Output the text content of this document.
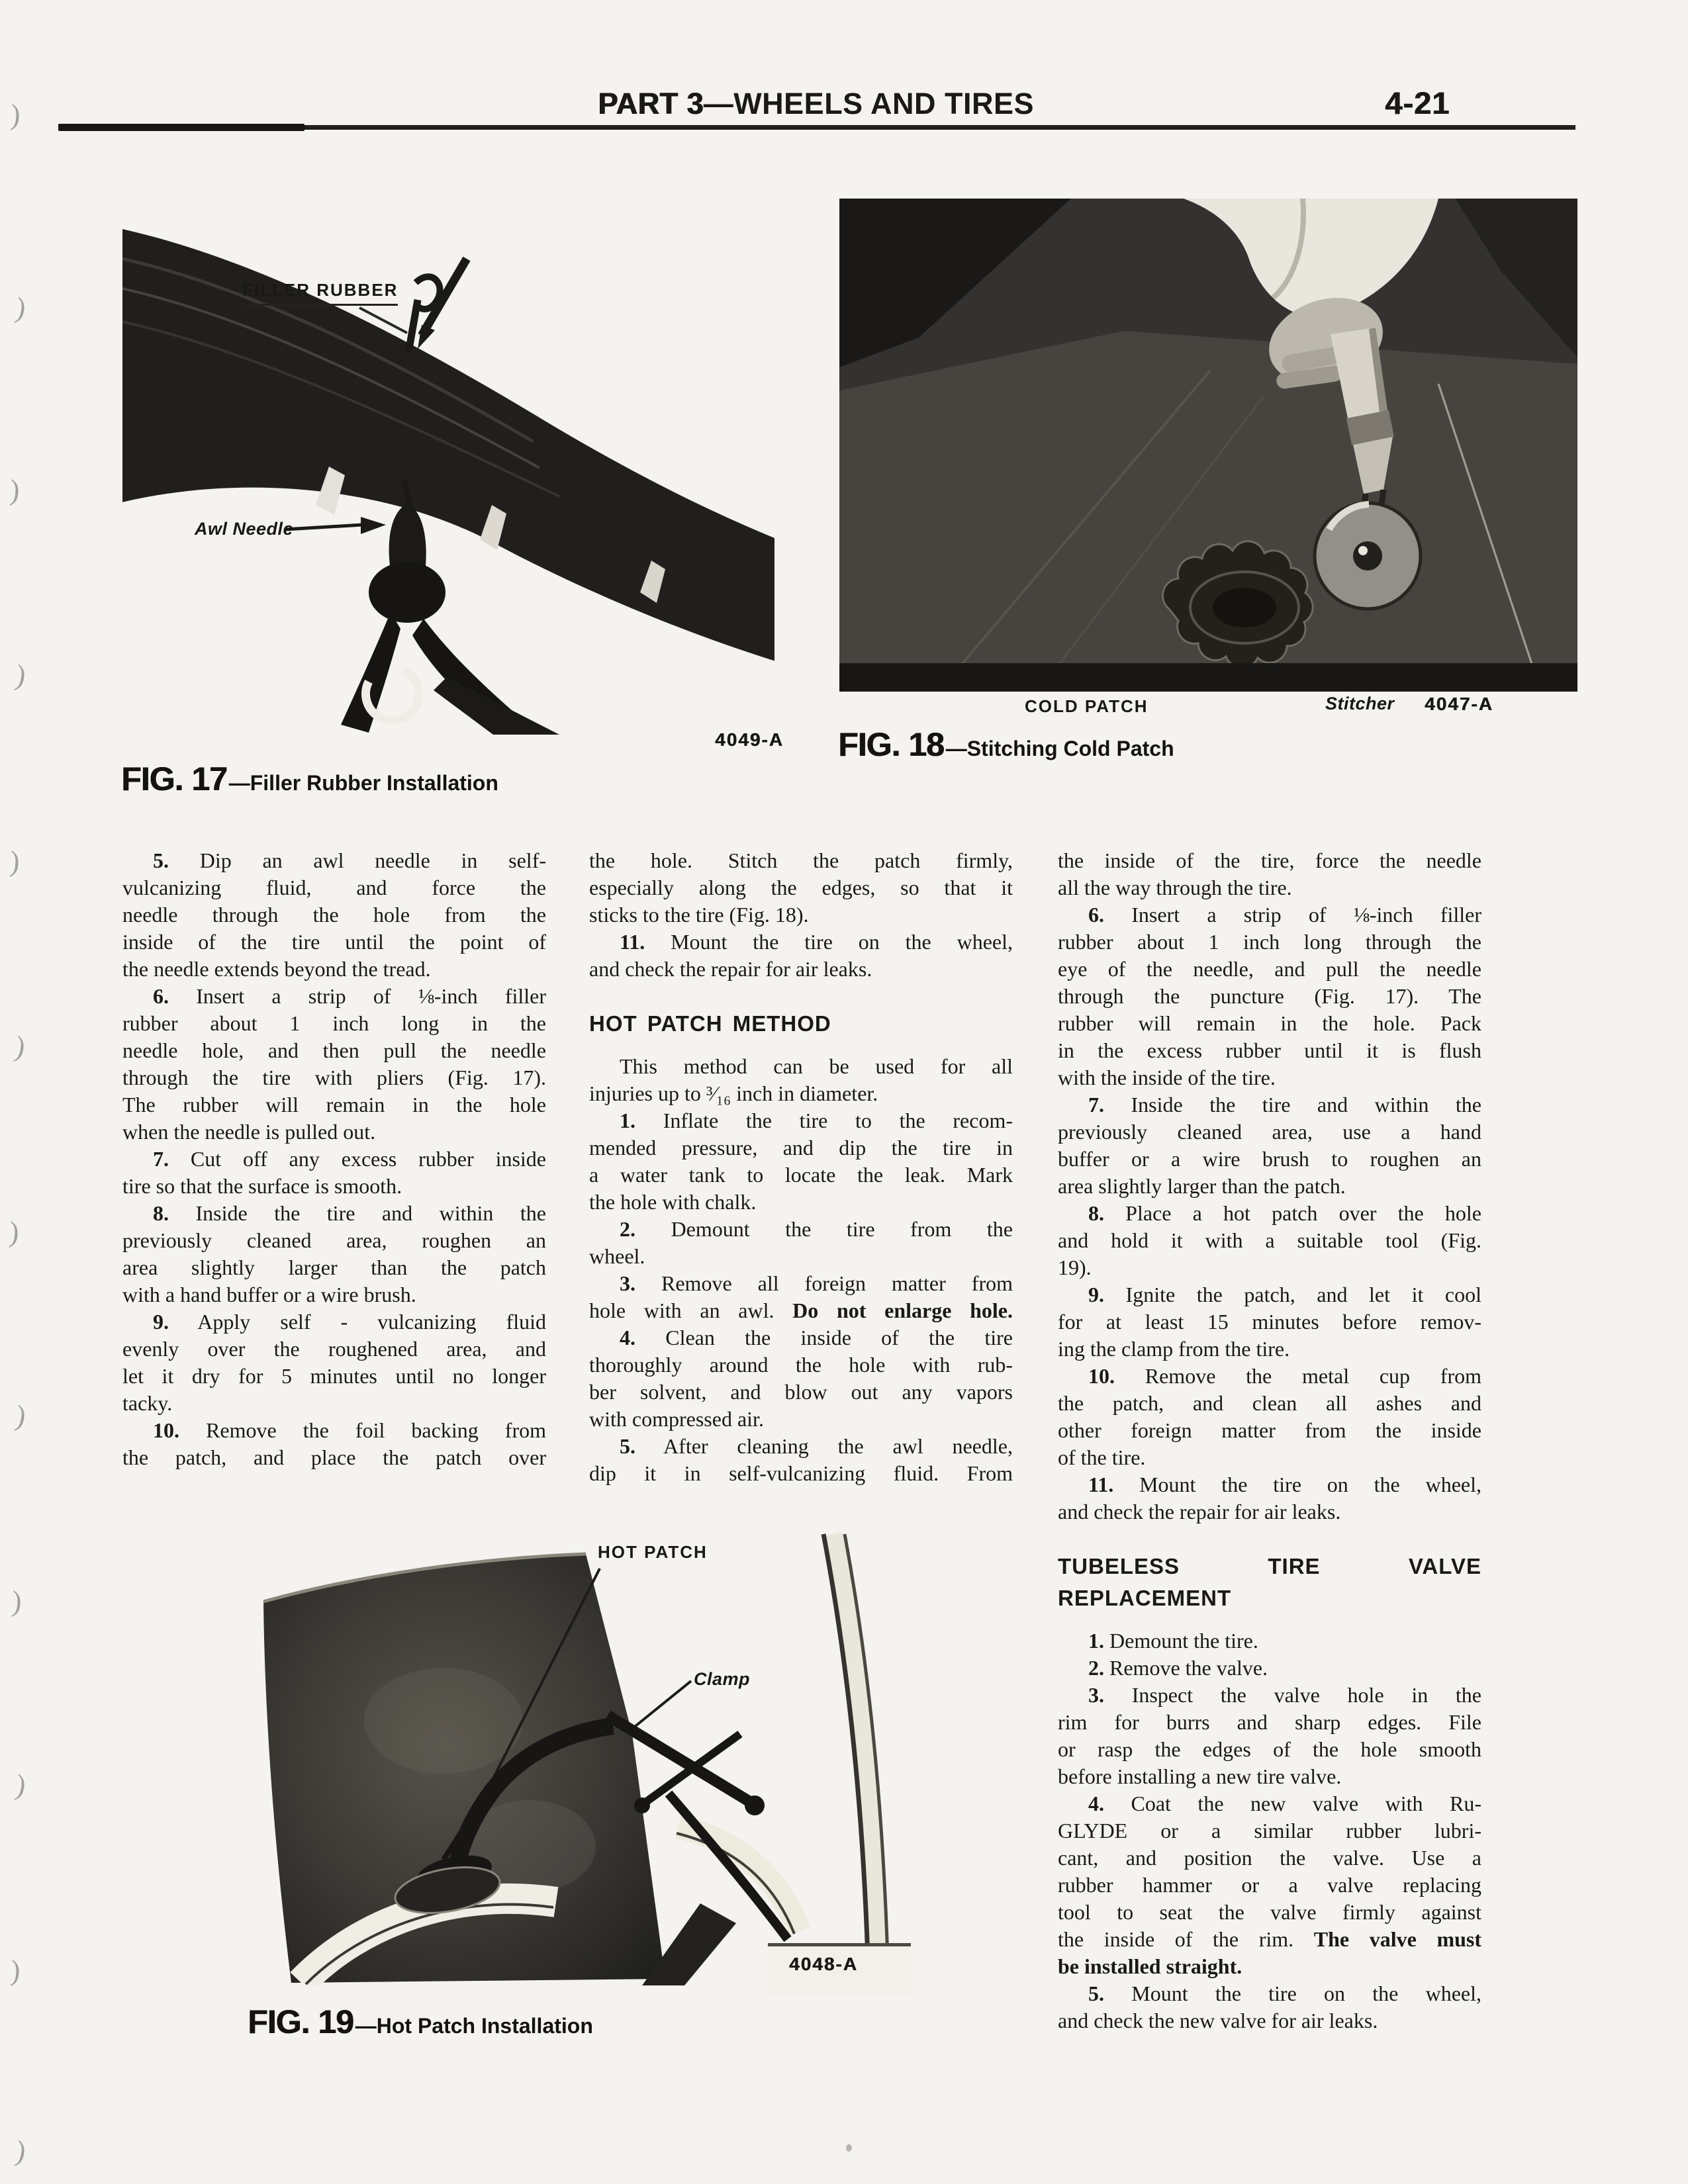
PART 3—WHEELS AND TIRES	4-21
FILLER RUBBER
Awl Needle
4049-A
COLD PATCH	Stitcher 4047-A
HOT PATCH
Clamp
4048-A
FIG. 17—Filler Rubber Installation
FIG. 18—Stitching Cold Patch
FIG. 19—Hot Patch Installation
5. Dip an awl needle in self-
vulcanizing fluid, and force the
needle through the hole from the
inside of the tire until the point of
the needle extends beyond the tread.
6. Insert a strip of ⅛-inch filler
rubber about 1 inch long in the
needle hole, and then pull the needle
through the tire with pliers (Fig. 17).
The rubber will remain in the hole
when the needle is pulled out.
7. Cut off any excess rubber inside
tire so that the surface is smooth.
8. Inside the tire and within the
previously cleaned area, roughen an
area slightly larger than the patch
with a hand buffer or a wire brush.
9. Apply self - vulcanizing fluid
evenly over the roughened area, and
let it dry for 5 minutes until no longer
tacky.
10. Remove the foil backing from
the patch, and place the patch over
the hole. Stitch the patch firmly,
especially along the edges, so that it
sticks to the tire (Fig. 18).
11. Mount the tire on the wheel,
and check the repair for air leaks.
HOT PATCH METHOD
This method can be used for all
injuries up to ³⁄₁₆ inch in diameter.
1. Inflate the tire to the recom-
mended pressure, and dip the tire in
a water tank to locate the leak. Mark
the hole with chalk.
2. Demount the tire from the
wheel.
3. Remove all foreign matter from
hole with an awl. Do not enlarge hole.
4. Clean the inside of the tire
thoroughly around the hole with rub-
ber solvent, and blow out any vapors
with compressed air.
5. After cleaning the awl needle,
dip it in self-vulcanizing fluid. From
the inside of the tire, force the needle
all the way through the tire.
6. Insert a strip of ⅛-inch filler
rubber about 1 inch long through the
eye of the needle, and pull the needle
through the puncture (Fig. 17). The
rubber will remain in the hole. Pack
in the excess rubber until it is flush
with the inside of the tire.
7. Inside the tire and within the
previously cleaned area, use a hand
buffer or a wire brush to roughen an
area slightly larger than the patch.
8. Place a hot patch over the hole
and hold it with a suitable tool (Fig.
19).
9. Ignite the patch, and let it cool
for at least 15 minutes before remov-
ing the clamp from the tire.
10. Remove the metal cup from
the patch, and clean all ashes and
other foreign matter from the inside
of the tire.
11. Mount the tire on the wheel,
and check the repair for air leaks.
TUBELESS TIRE VALVE
REPLACEMENT
1. Demount the tire.
2. Remove the valve.
3. Inspect the valve hole in the
rim for burrs and sharp edges. File
or rasp the edges of the hole smooth
before installing a new tire valve.
4. Coat the new valve with Ru-
GLYDE or a similar rubber lubri-
cant, and position the valve. Use a
rubber hammer or a valve replacing
tool to seat the valve firmly against
the inside of the rim. The valve must
be installed straight.
5. Mount the tire on the wheel,
and check the new valve for air leaks.
)
)
)
)
)
)
)
)
)
)
)
)
